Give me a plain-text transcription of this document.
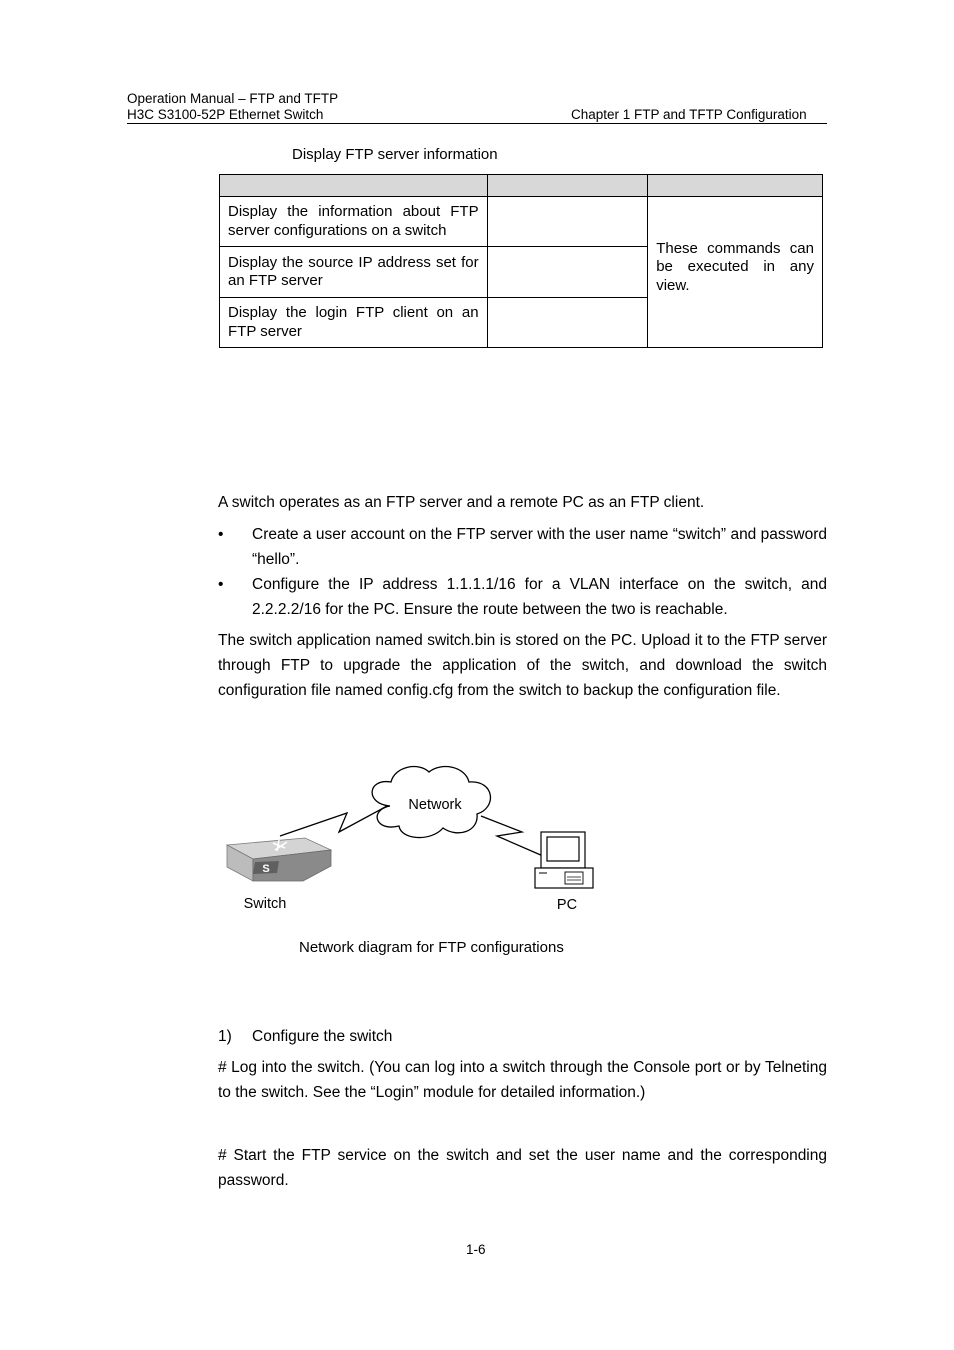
Operation Manual – FTP and TFTP
H3C S3100-52P Ethernet Switch	Chapter 1 FTP and TFTP Configuration
Display FTP server information

Display the information about FTP server configurations on a switch		These commands can be executed in any view.
Display the source IP address set for an FTP server		
Display the login FTP client on an FTP server		
A switch operates as an FTP server and a remote PC as an FTP client.
• Create a user account on the FTP server with the user name “switch” and password “hello”.
• Configure the IP address 1.1.1.1/16 for a VLAN interface on the switch, and 2.2.2.2/16 for the PC. Ensure the route between the two is reachable.
The switch application named switch.bin is stored on the PC. Upload it to the FTP server through FTP to upgrade the application of the switch, and download the switch configuration file named config.cfg from the switch to backup the configuration file.
Network
S
Switch	PC
Network diagram for FTP configurations
1) Configure the switch
# Log into the switch. (You can log into a switch through the Console port or by Telneting to the switch. See the “Login” module for detailed information.)
# Start the FTP service on the switch and set the user name and the corresponding password.
1-6
